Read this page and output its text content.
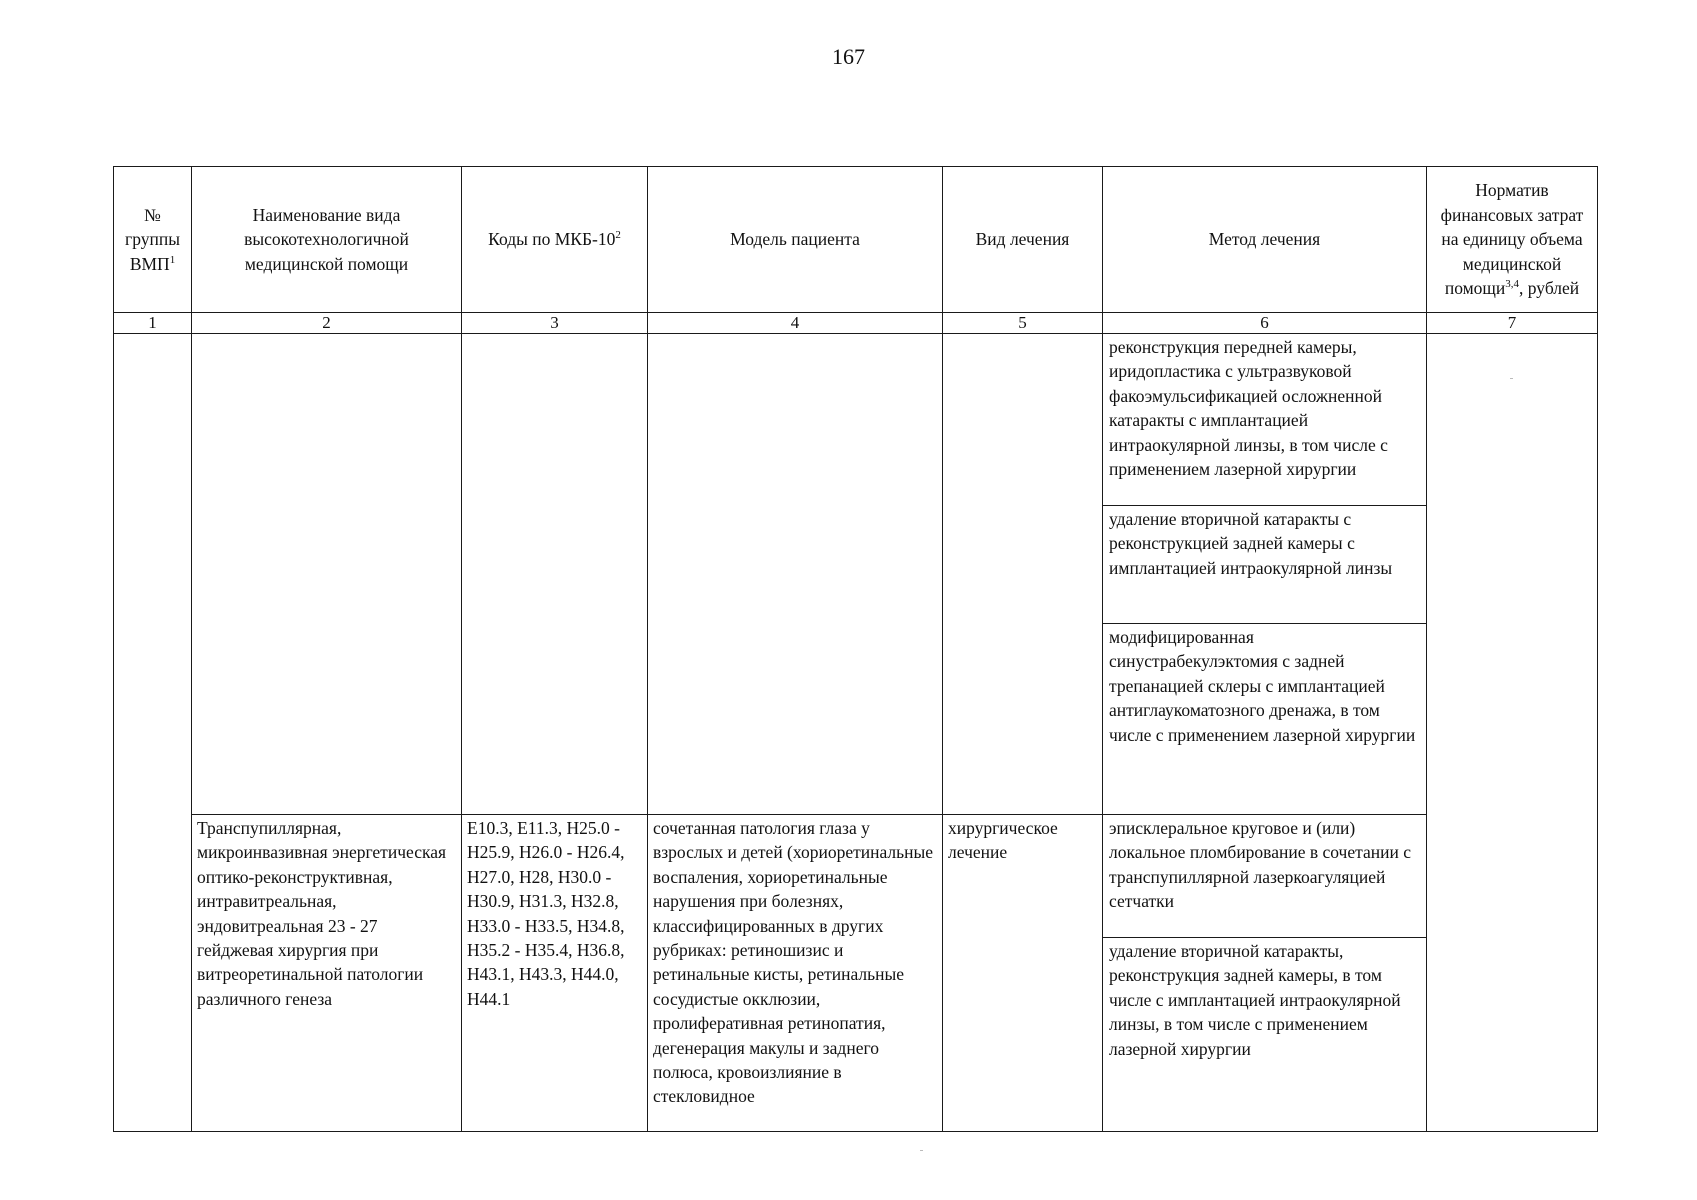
167
№ группы ВМП$^1$	Наименование вида высокотехнологичной медицинской помощи	Коды по МКБ-$10^2$	Модель пациента	Вид лечения	Метод лечения	Норматив финансовых затрат на единицу объема медицинской помощи$^{3,4}$, рублей
1	2	3	4	5	6	7
					реконструкция передней камеры, иридопластика с ультразвуковой факоэмульсификацией осложненной катаракты с имплантацией интраокулярной линзы, в том числе с применением лазерной хирургии	
					удаление вторичной катаракты с реконструкцией задней камеры с имплантацией интраокулярной линзы	
					модифицированная синустрабекулэктомия с задней трепанацией склеры с имплантацией антиглаукоматозного дренажа, в том числе с применением лазерной хирургии	
	Транспупиллярная, микроинвазивная энергетическая оптико-реконструктивная, интравитреальная, эндовитреальная 23 - 27 гейджевая хирургия при витреоретинальной патологии различного генеза	E10.3, E11.3, H25.0 - H25.9, H26.0 - H26.4, H27.0, H28, H30.0 - H30.9, H31.3, H32.8, H33.0 - H33.5, H34.8, H35.2 - H35.4, H36.8, H43.1, H43.3, H44.0, H44.1	сочетанная патология глаза у взрослых и детей (хориоретинальные воспаления, хориоретинальные нарушения при болезнях, классифицированных в других рубриках: ретиношизис и ретинальные кисты, ретинальные сосудистые окклюзии, пролиферативная ретинопатия, дегенерация макулы и заднего полюса, кровоизлияние в стекловидное	хирургическое лечение	эписклеральное круговое и (или) локальное пломбирование в сочетании с транспупиллярной лазеркоагуляцией сетчатки	
					удаление вторичной катаракты, реконструкция задней камеры, в том числе с имплантацией интраокулярной линзы, в том числе с применением лазерной хирургии	
